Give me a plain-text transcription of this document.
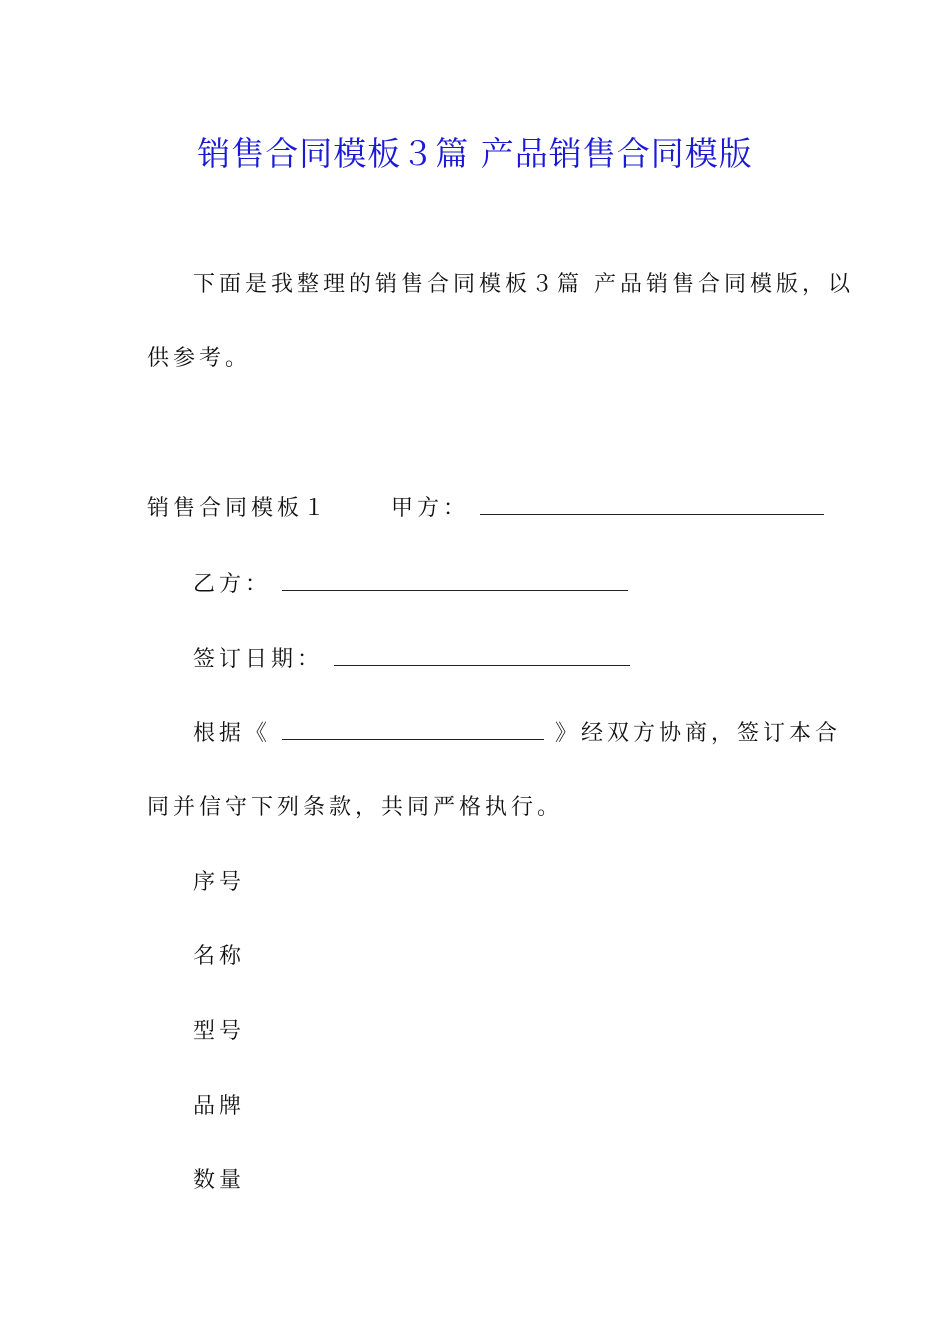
销售合同模板３篇 产品销售合同模版
下面是我整理的销售合同模板３篇 产品销售合同模版，以
供参考。
销售合同模板１	甲方：
乙方：
签订日期：
根据《	》经双方协商，签订本合
同并信守下列条款，共同严格执行。
序号
名称
型号
品牌
数量
